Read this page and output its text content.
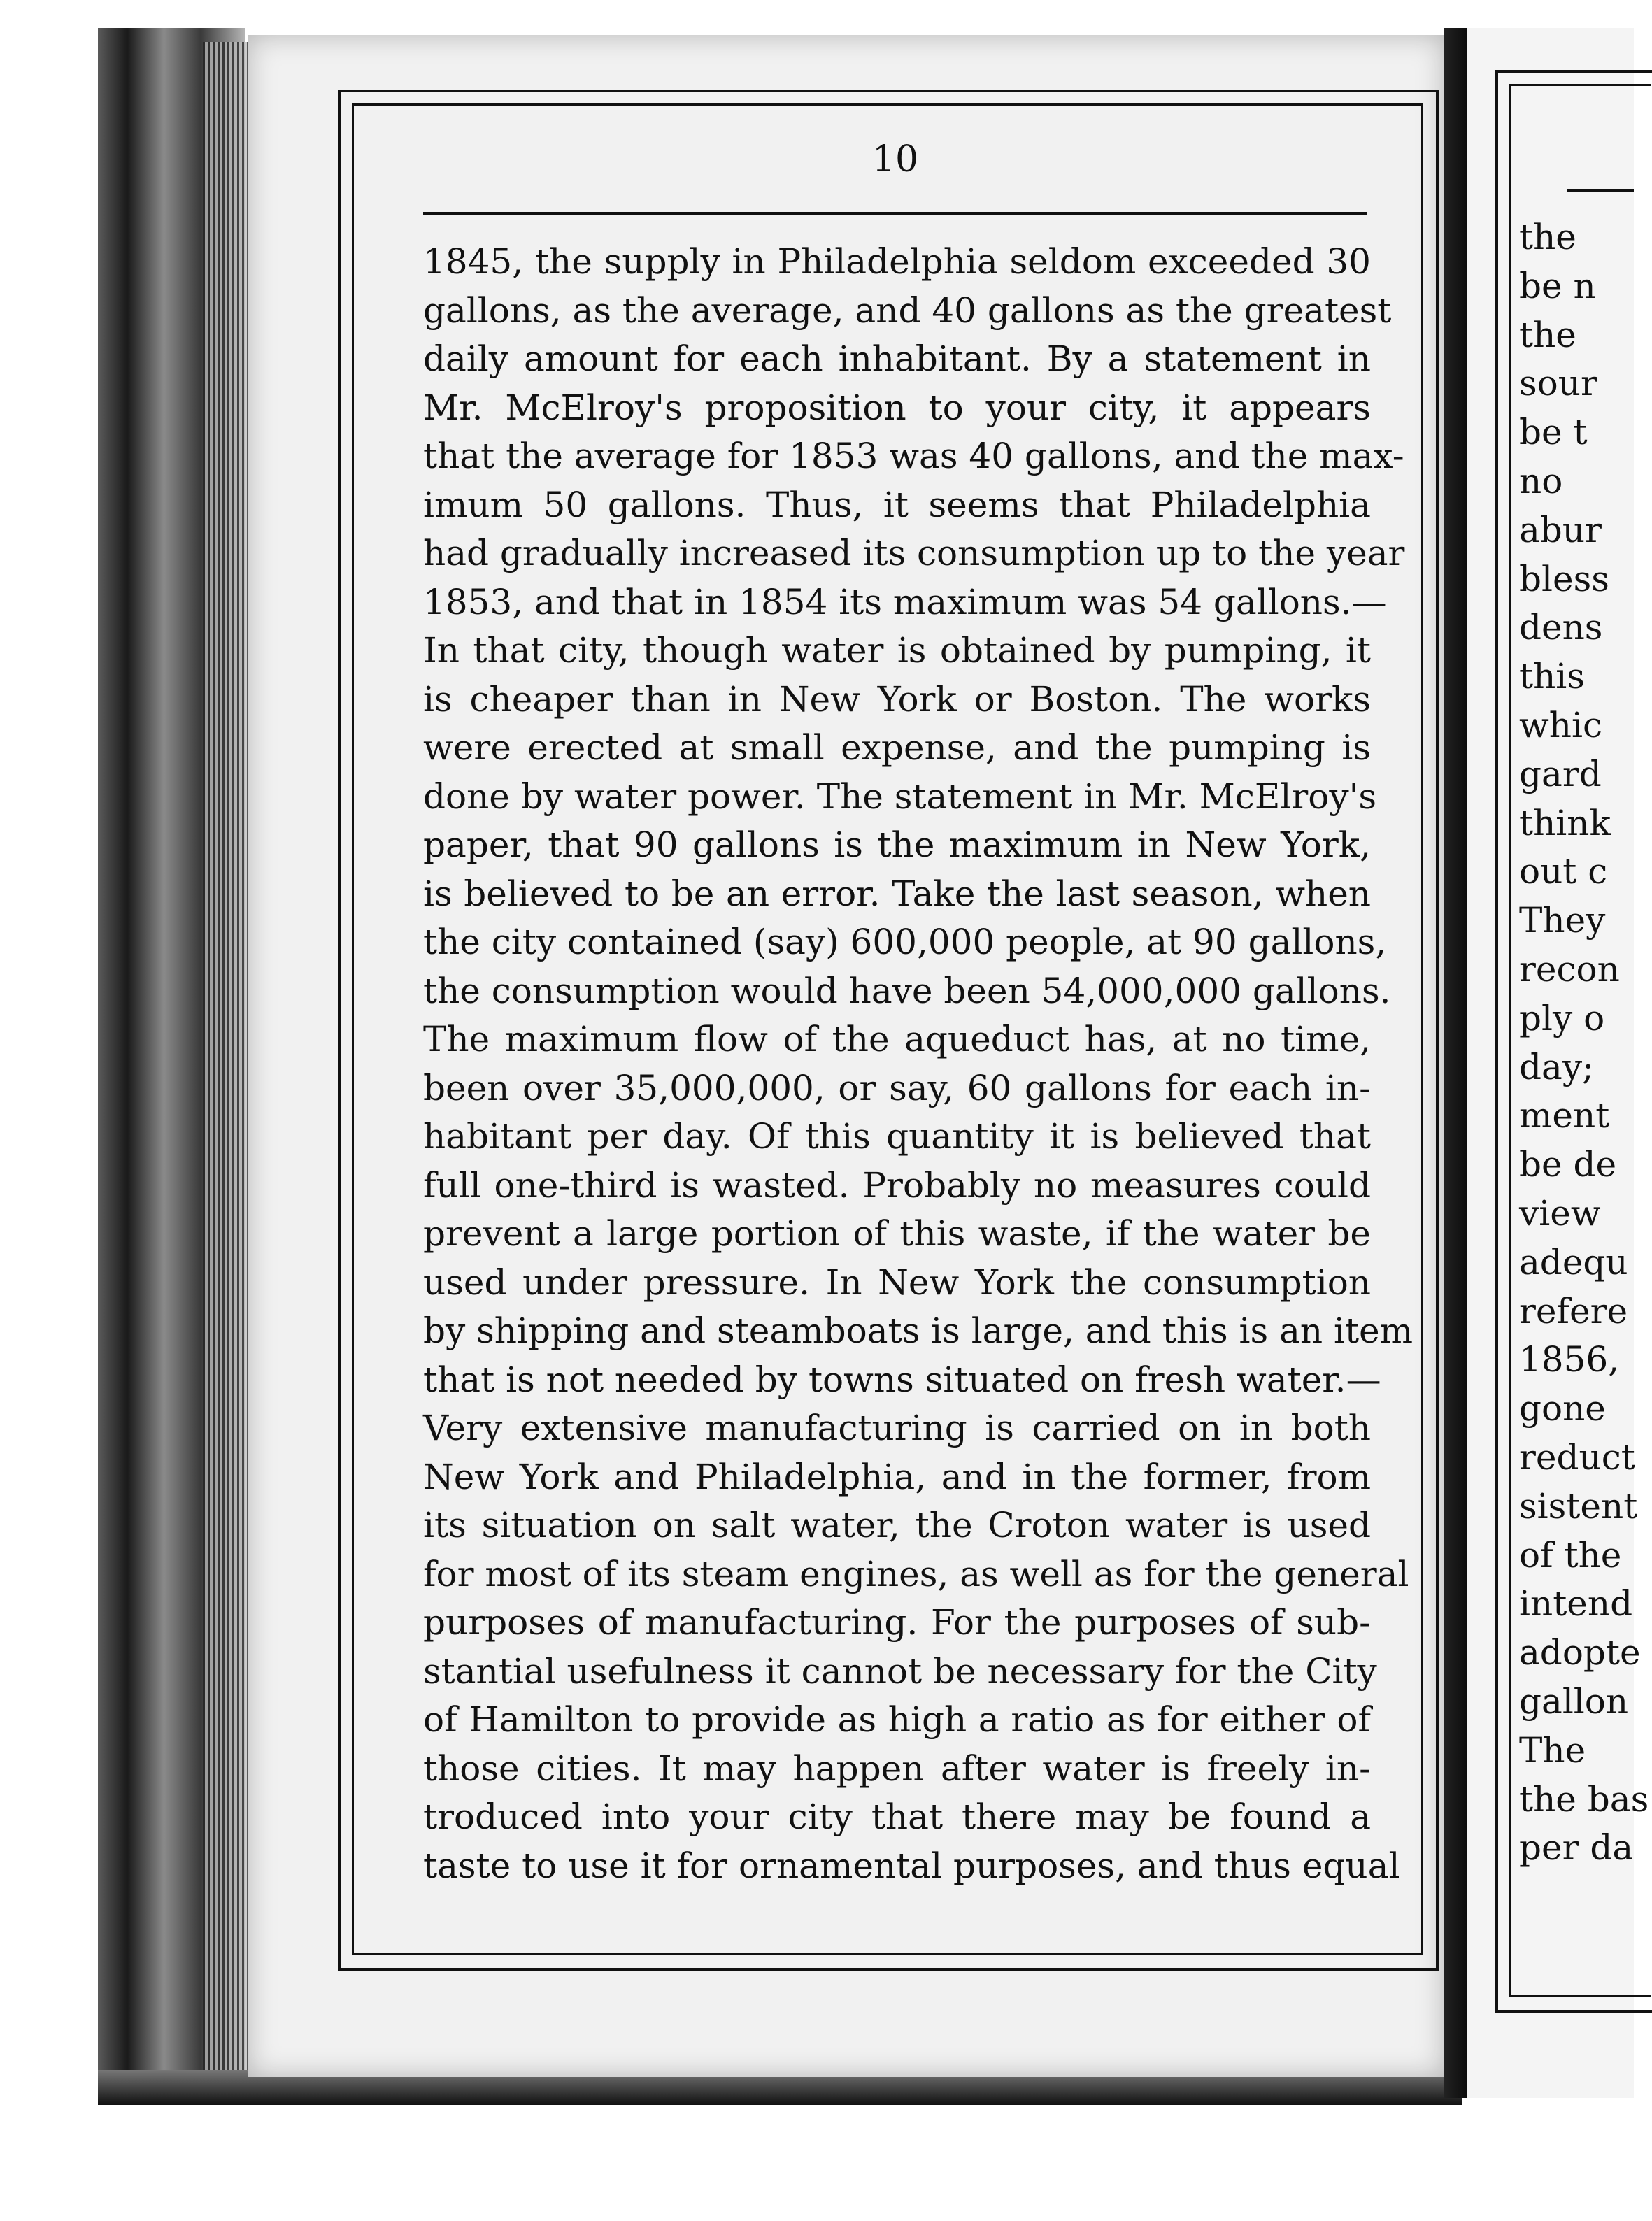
10
1845, the supply in Philadelphia seldom exceeded 30
gallons, as the average, and 40 gallons as the greatest
daily amount for each inhabitant. By a statement in
Mr. McElroy's proposition to your city, it appears
that the average for 1853 was 40 gallons, and the max-
imum 50 gallons. Thus, it seems that Philadelphia
had gradually increased its consumption up to the year
1853, and that in 1854 its maximum was 54 gallons.—
In that city, though water is obtained by pumping, it
is cheaper than in New York or Boston. The works
were erected at small expense, and the pumping is
done by water power. The statement in Mr. McElroy's
paper, that 90 gallons is the maximum in New York,
is believed to be an error. Take the last season, when
the city contained (say) 600,000 people, at 90 gallons,
the consumption would have been 54,000,000 gallons.
The maximum flow of the aqueduct has, at no time,
been over 35,000,000, or say, 60 gallons for each in-
habitant per day. Of this quantity it is believed that
full one-third is wasted. Probably no measures could
prevent a large portion of this waste, if the water be
used under pressure. In New York the consumption
by shipping and steamboats is large, and this is an item
that is not needed by towns situated on fresh water.—
Very extensive manufacturing is carried on in both
New York and Philadelphia, and in the former, from
its situation on salt water, the Croton water is used
for most of its steam engines, as well as for the general
purposes of manufacturing. For the purposes of sub-
stantial usefulness it cannot be necessary for the City
of Hamilton to provide as high a ratio as for either of
those cities. It may happen after water is freely in-
troduced into your city that there may be found a
taste to use it for ornamental purposes, and thus equal
the
be n
the
sour
be t
no
abur
bless
dens
this
whic
gard
think
out c
They
recon
ply o
day;
ment
be de
view
adequ
refere
1856,
gone
reduct
sistent
of the
intend
adopte
gallon
The
the bas
per da
